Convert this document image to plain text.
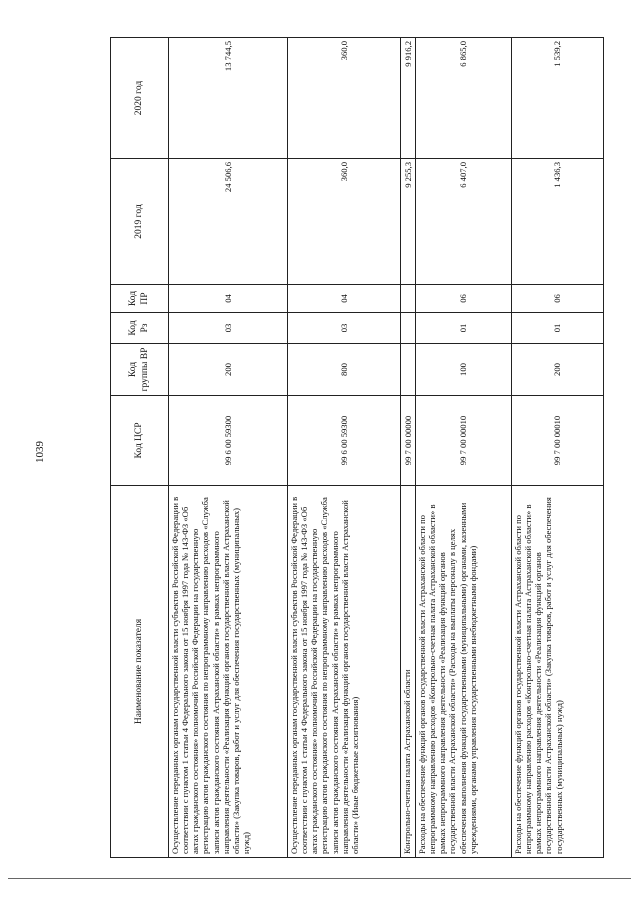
1039
Наименование показателя	Код ЦСР	Код группы ВР	Код Рз	Код ПР	2019 год	2020 год
Осуществление переданных органам государственной власти субъектов Российской Федерации в соответствии с пунктом 1 статьи 4 Федерального закона от 15 ноября 1997 года № 143-ФЗ «Об актах гражданского состояния» полномочий Российской Федерации на государственную регистрацию актов гражданского состояния по непрограммному направлению расходов «Служба записи актов гражданского состояния Астраханской области» в рамках непрограммного направления деятельности «Реализация функций органов государственной власти Астраханской области» (Закупка товаров, работ и услуг для обеспечения государственных (муниципальных) нужд)	99 6 00 59300	200	03	04	24 506,6	13 744,5
Осуществление переданных органам государственной власти субъектов Российской Федерации в соответствии с пунктом 1 статьи 4 Федерального закона от 15 ноября 1997 года № 143-ФЗ «Об актах гражданского состояния» полномочий Российской Федерации на государственную регистрацию актов гражданского состояния по непрограммному направлению расходов «Служба записи актов гражданского состояния Астраханской области» в рамках непрограммного направления деятельности «Реализация функций органов государственной власти Астраханской области» (Иные бюджетные ассигнования)	99 6 00 59300	800	03	04	360,0	360,0
Контрольно-счетная палата Астраханской области	99 7 00 00000				9 255,3	9 916,2
Расходы на обеспечение функций органов государственной власти Астраханской области по непрограммному направлению расходов «Контрольно-счетная палата Астраханской области» в рамках непрограммного направления деятельности «Реализация функций органов государственной власти Астраханской области» (Расходы на выплаты персоналу в целях обеспечения выполнения функций государственными (муниципальными) органами, казенными учреждениями, органами управления государственными внебюджетными фондами)	99 7 00 00010	100	01	06	6 407,0	6 865,0
Расходы на обеспечение функций органов государственной власти Астраханской области по непрограммному направлению расходов «Контрольно-счетная палата Астраханской области» в рамках непрограммного направления деятельности «Реализация функций органов государственной власти Астраханской области» (Закупка товаров, работ и услуг для обеспечения государственных (муниципальных) нужд)	99 7 00 00010	200	01	06	1 436,3	1 539,2
